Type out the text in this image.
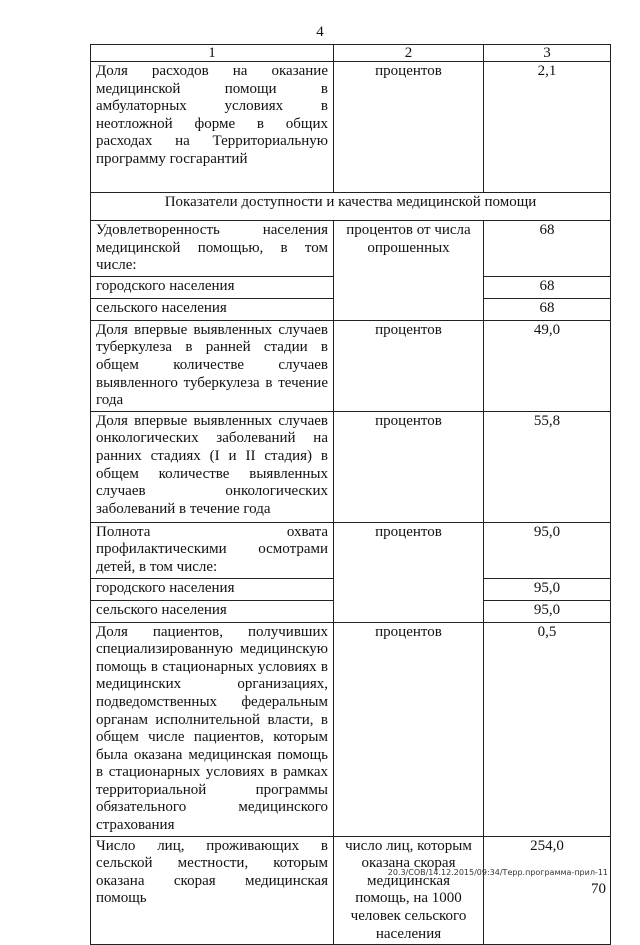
4
1	2	3
Доля расходов на оказание медицинской помощи в амбулаторных условиях в неотложной форме в общих расходах на Территориальную программу госгарантий	процентов	2,1
Показатели доступности и качества медицинской помощи		
Удовлетворенность населения медицинской помощью, в том числе:	процентов от числа опрошенных	68
городского населения		68
сельского населения		68
Доля впервые выявленных случаев туберкулеза в ранней стадии в общем количестве случаев выявленного туберкулеза в течение года	процентов	49,0
Доля впервые выявленных случаев онкологических заболеваний на ранних стадиях (I и II стадия) в общем количестве выявленных случаев онкологических заболеваний в течение года	процентов	55,8
Полнота охвата профилактическими осмотрами детей, в том числе:	процентов	95,0
городского населения		95,0
сельского населения		95,0
Доля пациентов, получивших специализированную медицинскую помощь в стационарных условиях в медицинских организациях, подведомственных федеральным органам исполнительной власти, в общем числе пациентов, которым была оказана медицинская помощь в стационарных условиях в рамках территориальной программы обязательного медицинского страхования	процентов	0,5
Число лиц, проживающих в сельской местности, которым оказана скорая медицинская помощь	число лиц, которым оказана скорая медицинская помощь, на 1000 человек сельского населения	254,0
20.3/СОВ/14.12.2015/09:34/Терр.программа-прил-11
70
